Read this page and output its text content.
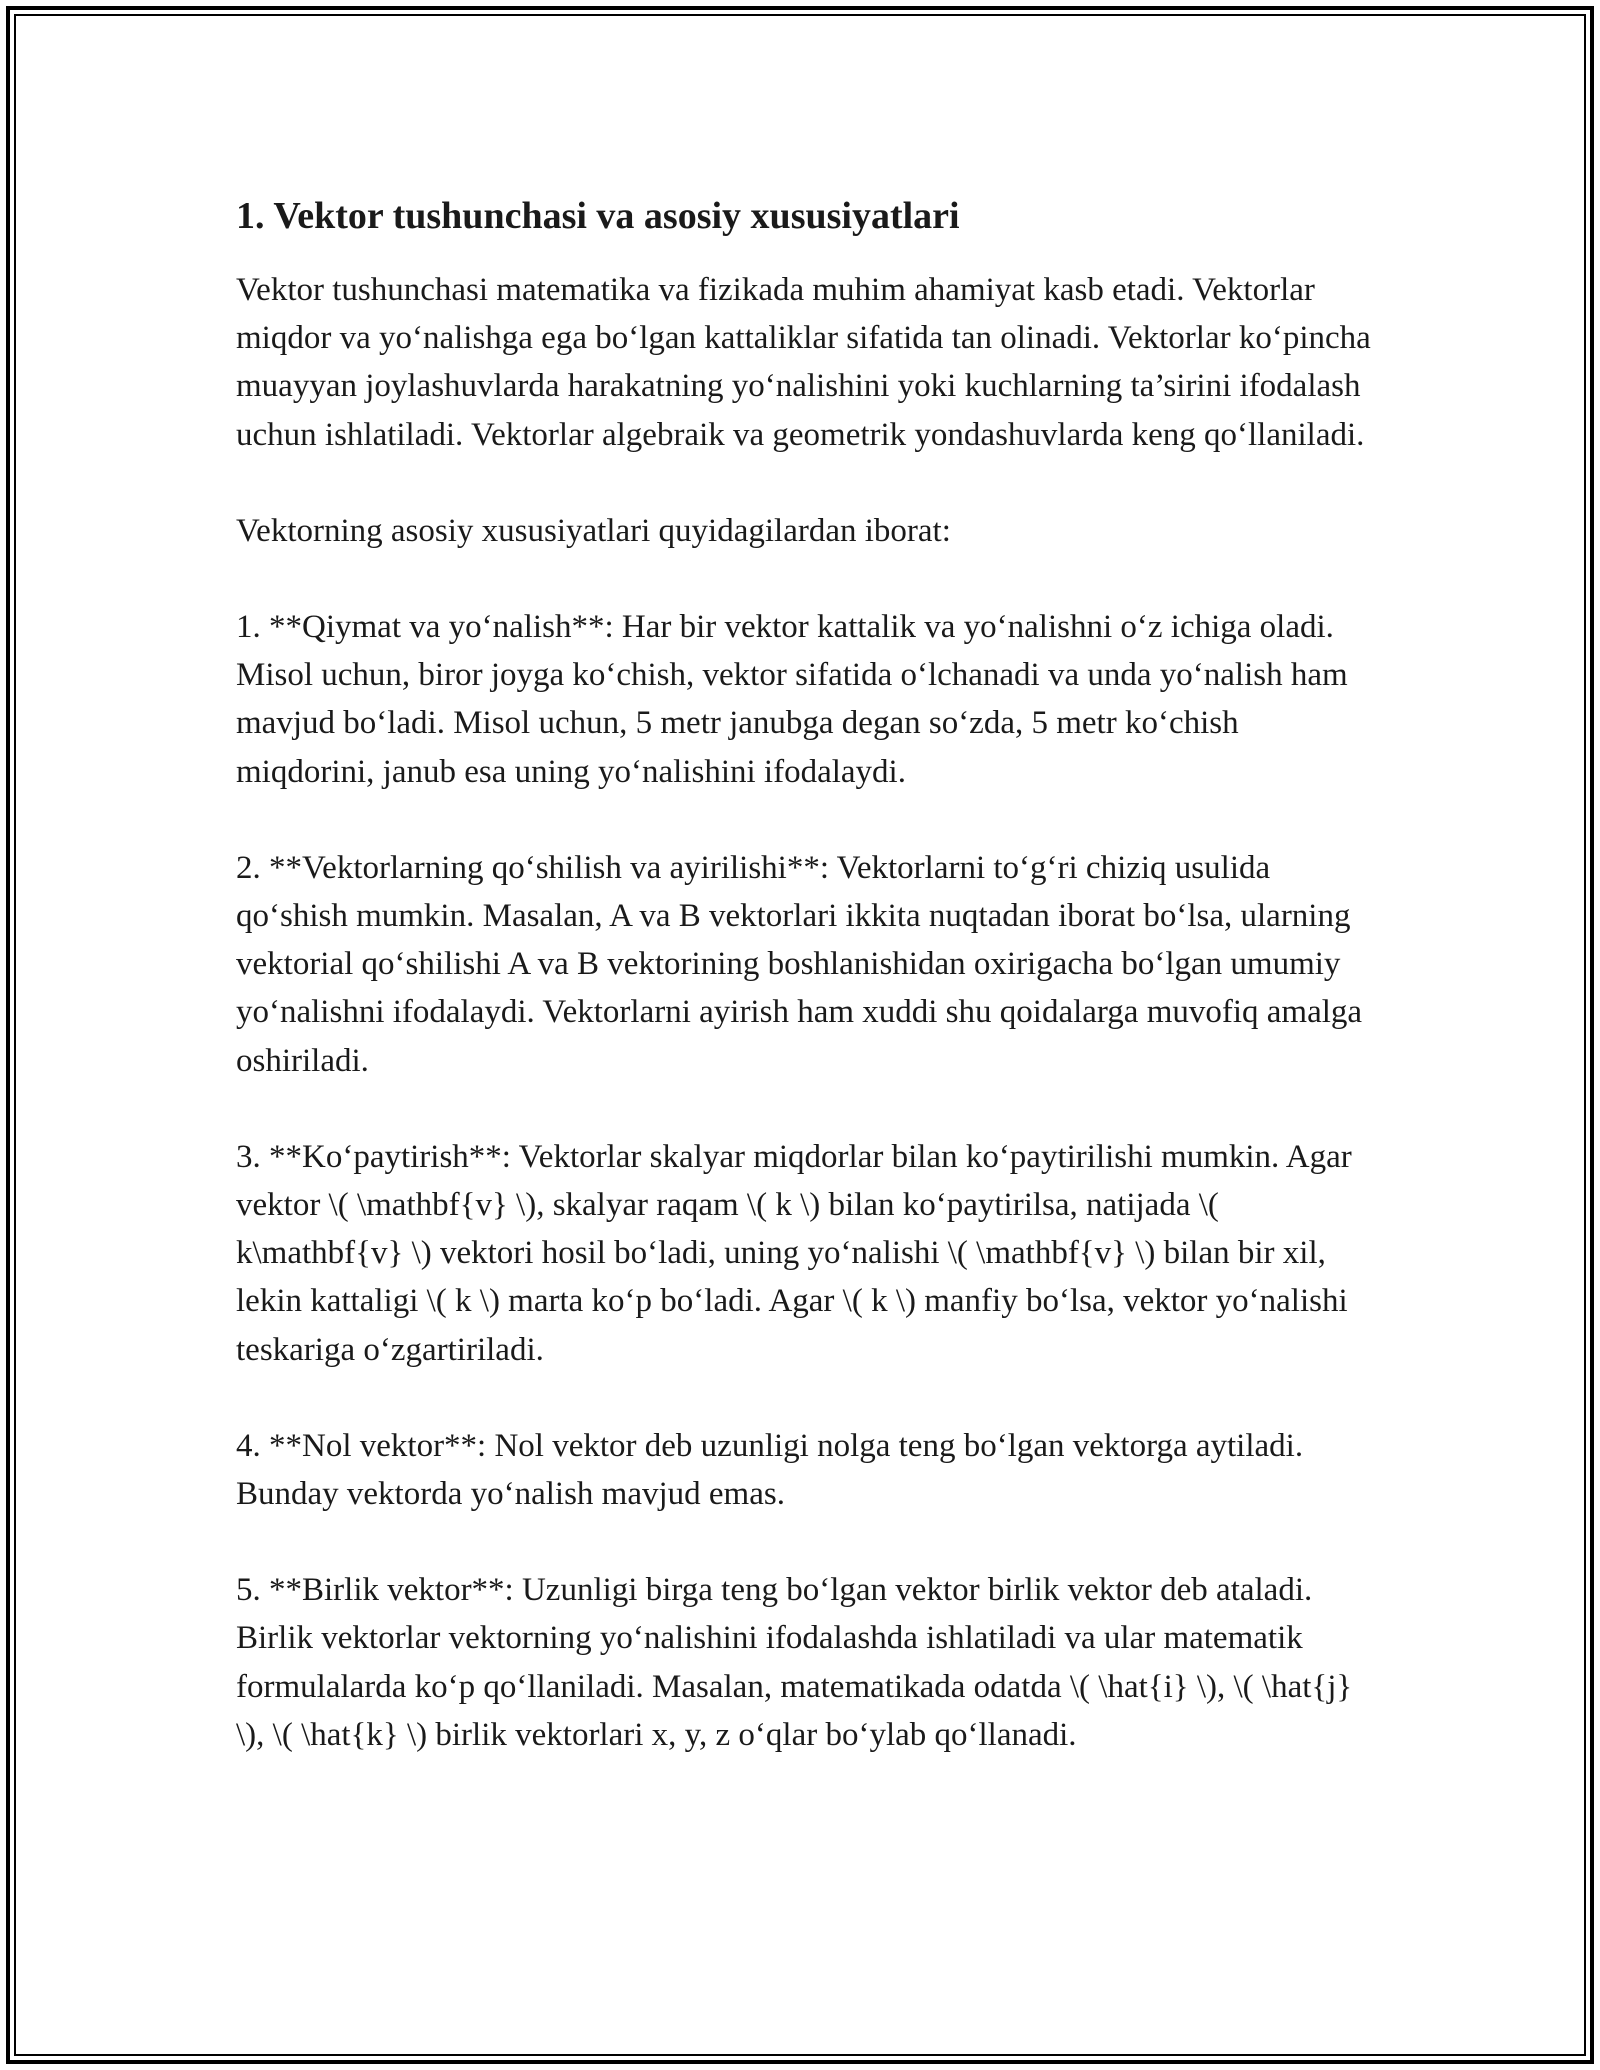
1. Vektor tushunchasi va asosiy xususiyatlari

Vektor tushunchasi matematika va fizikada muhim ahamiyat kasb etadi. Vektorlar miqdor va yo‘nalishga ega bo‘lgan kattaliklar sifatida tan olinadi. Vektorlar ko‘pincha muayyan joylashuvlarda harakatning yo‘nalishini yoki kuchlarning ta’sirini ifodalash uchun ishlatiladi. Vektorlar algebraik va geometrik yondashuvlarda keng qo‘llaniladi.

Vektorning asosiy xususiyatlari quyidagilardan iborat:

1. **Qiymat va yo‘nalish**: Har bir vektor kattalik va yo‘nalishni o‘z ichiga oladi. Misol uchun, biror joyga ko‘chish, vektor sifatida o‘lchanadi va unda yo‘nalish ham mavjud bo‘ladi. Misol uchun, 5 metr janubga degan so‘zda, 5 metr ko‘chish miqdorini, janub esa uning yo‘nalishini ifodalaydi.

2. **Vektorlarning qo‘shilish va ayirilishi**: Vektorlarni to‘g‘ri chiziq usulida qo‘shish mumkin. Masalan, A va B vektorlari ikkita nuqtadan iborat bo‘lsa, ularning vektorial qo‘shilishi A va B vektorining boshlanishidan oxirigacha bo‘lgan umumiy yo‘nalishni ifodalaydi. Vektorlarni ayirish ham xuddi shu qoidalarga muvofiq amalga oshiriladi.

3. **Ko‘paytirish**: Vektorlar skalyar miqdorlar bilan ko‘paytirilishi mumkin. Agar vektor \( \mathbf{v} \), skalyar raqam \( k \) bilan ko‘paytirilsa, natijada \( k\mathbf{v} \) vektori hosil bo‘ladi, uning yo‘nalishi \( \mathbf{v} \) bilan bir xil, lekin kattaligi \( k \) marta ko‘p bo‘ladi. Agar \( k \) manfiy bo‘lsa, vektor yo‘nalishi teskariga o‘zgartiriladi.

4. **Nol vektor**: Nol vektor deb uzunligi nolga teng bo‘lgan vektorga aytiladi. Bunday vektorda yo‘nalish mavjud emas.

5. **Birlik vektor**: Uzunligi birga teng bo‘lgan vektor birlik vektor deb ataladi. Birlik vektorlar vektorning yo‘nalishini ifodalashda ishlatiladi va ular matematik formulalarda ko‘p qo‘llaniladi. Masalan, matematikada odatda \( \hat{i} \), \( \hat{j} \), \( \hat{k} \) birlik vektorlari x, y, z o‘qlar bo‘ylab qo‘llanadi.
